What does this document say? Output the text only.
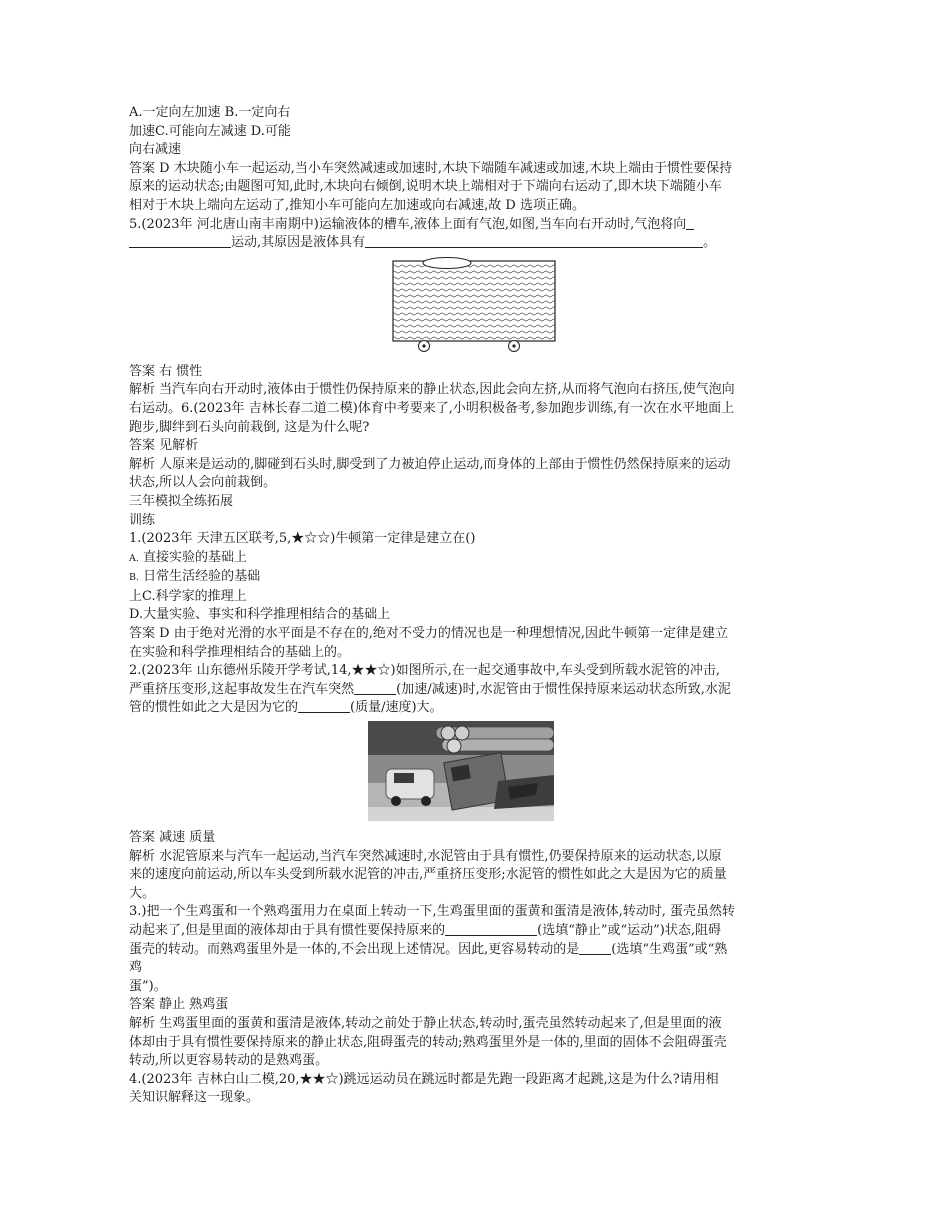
A.一定向左加速 B.一定向右
加速C.可能向左减速 D.可能
向右减速
答案 D 木块随小车一起运动,当小车突然减速或加速时,木块下端随车减速或加速,木块上端由于惯性要保持
原来的运动状态;由题图可知,此时,木块向右倾倒,说明木块上端相对于下端向右运动了,即木块下端随小车
相对于木块上端向左运动了,推知小车可能向左加速或向右减速,故 D 选项正确。
5.(2023年 河北唐山南丰南期中)运输液体的槽车,液体上面有气泡,如图,当车向右开动时,气泡将向
运动,其原因是液体具有	。
答案 右 惯性
解析 当汽车向右开动时,液体由于惯性仍保持原来的静止状态,因此会向左挤,从而将气泡向右挤压,使气泡向
右运动。6.(2023年 吉林长春二道二模)体育中考要来了,小明积极备考,参加跑步训练,有一次在水平地面上
跑步,脚绊到石头向前栽倒, 这是为什么呢?
答案 见解析
解析 人原来是运动的,脚碰到石头时,脚受到了力被迫停止运动,而身体的上部由于惯性仍然保持原来的运动
状态,所以人会向前栽倒。
三年模拟全练拓展
训练
1.(2023年 天津五区联考,5,★☆☆)牛顿第一定律是建立在()
A. 直接实验的基础上
B. 日常生活经验的基础
上C.科学家的推理上
D.大量实验、事实和科学推理相结合的基础上
答案 D 由于绝对光滑的水平面是不存在的,绝对不受力的情况也是一种理想情况,因此牛顿第一定律是建立
在实验和科学推理相结合的基础上的。
2.(2023年 山东德州乐陵开学考试,14,★★☆)如图所示,在一起交通事故中,车头受到所载水泥管的冲击,
严重挤压变形,这起事故发生在汽车突然	(加速/减速)时,水泥管由于惯性保持原来运动状态所致,水泥
管的惯性如此之大是因为它的	(质量/速度)大。
答案 减速 质量
解析 水泥管原来与汽车一起运动,当汽车突然减速时,水泥管由于具有惯性,仍要保持原来的运动状态,以原
来的速度向前运动,所以车头受到所载水泥管的冲击,严重挤压变形;水泥管的惯性如此之大是因为它的质量
大。
3.)把一个生鸡蛋和一个熟鸡蛋用力在桌面上转动一下,生鸡蛋里面的蛋黄和蛋清是液体,转动时, 蛋壳虽然转
动起来了,但是里面的液体却由于具有惯性要保持原来的	(选填“静止”或“运动”)状态,阻碍
蛋壳的转动。而熟鸡蛋里外是一体的,不会出现上述情况。因此,更容易转动的是 (选填“生鸡蛋”或“熟
鸡
蛋”)。
答案 静止 熟鸡蛋
解析 生鸡蛋里面的蛋黄和蛋清是液体,转动之前处于静止状态,转动时,蛋壳虽然转动起来了,但是里面的液
体却由于具有惯性要保持原来的静止状态,阻碍蛋壳的转动;熟鸡蛋里外是一体的,里面的固体不会阻碍蛋壳
转动,所以更容易转动的是熟鸡蛋。
4.(2023年 吉林白山二模,20,★★☆)跳远运动员在跳远时都是先跑一段距离才起跳,这是为什么?请用相
关知识解释这一现象。
